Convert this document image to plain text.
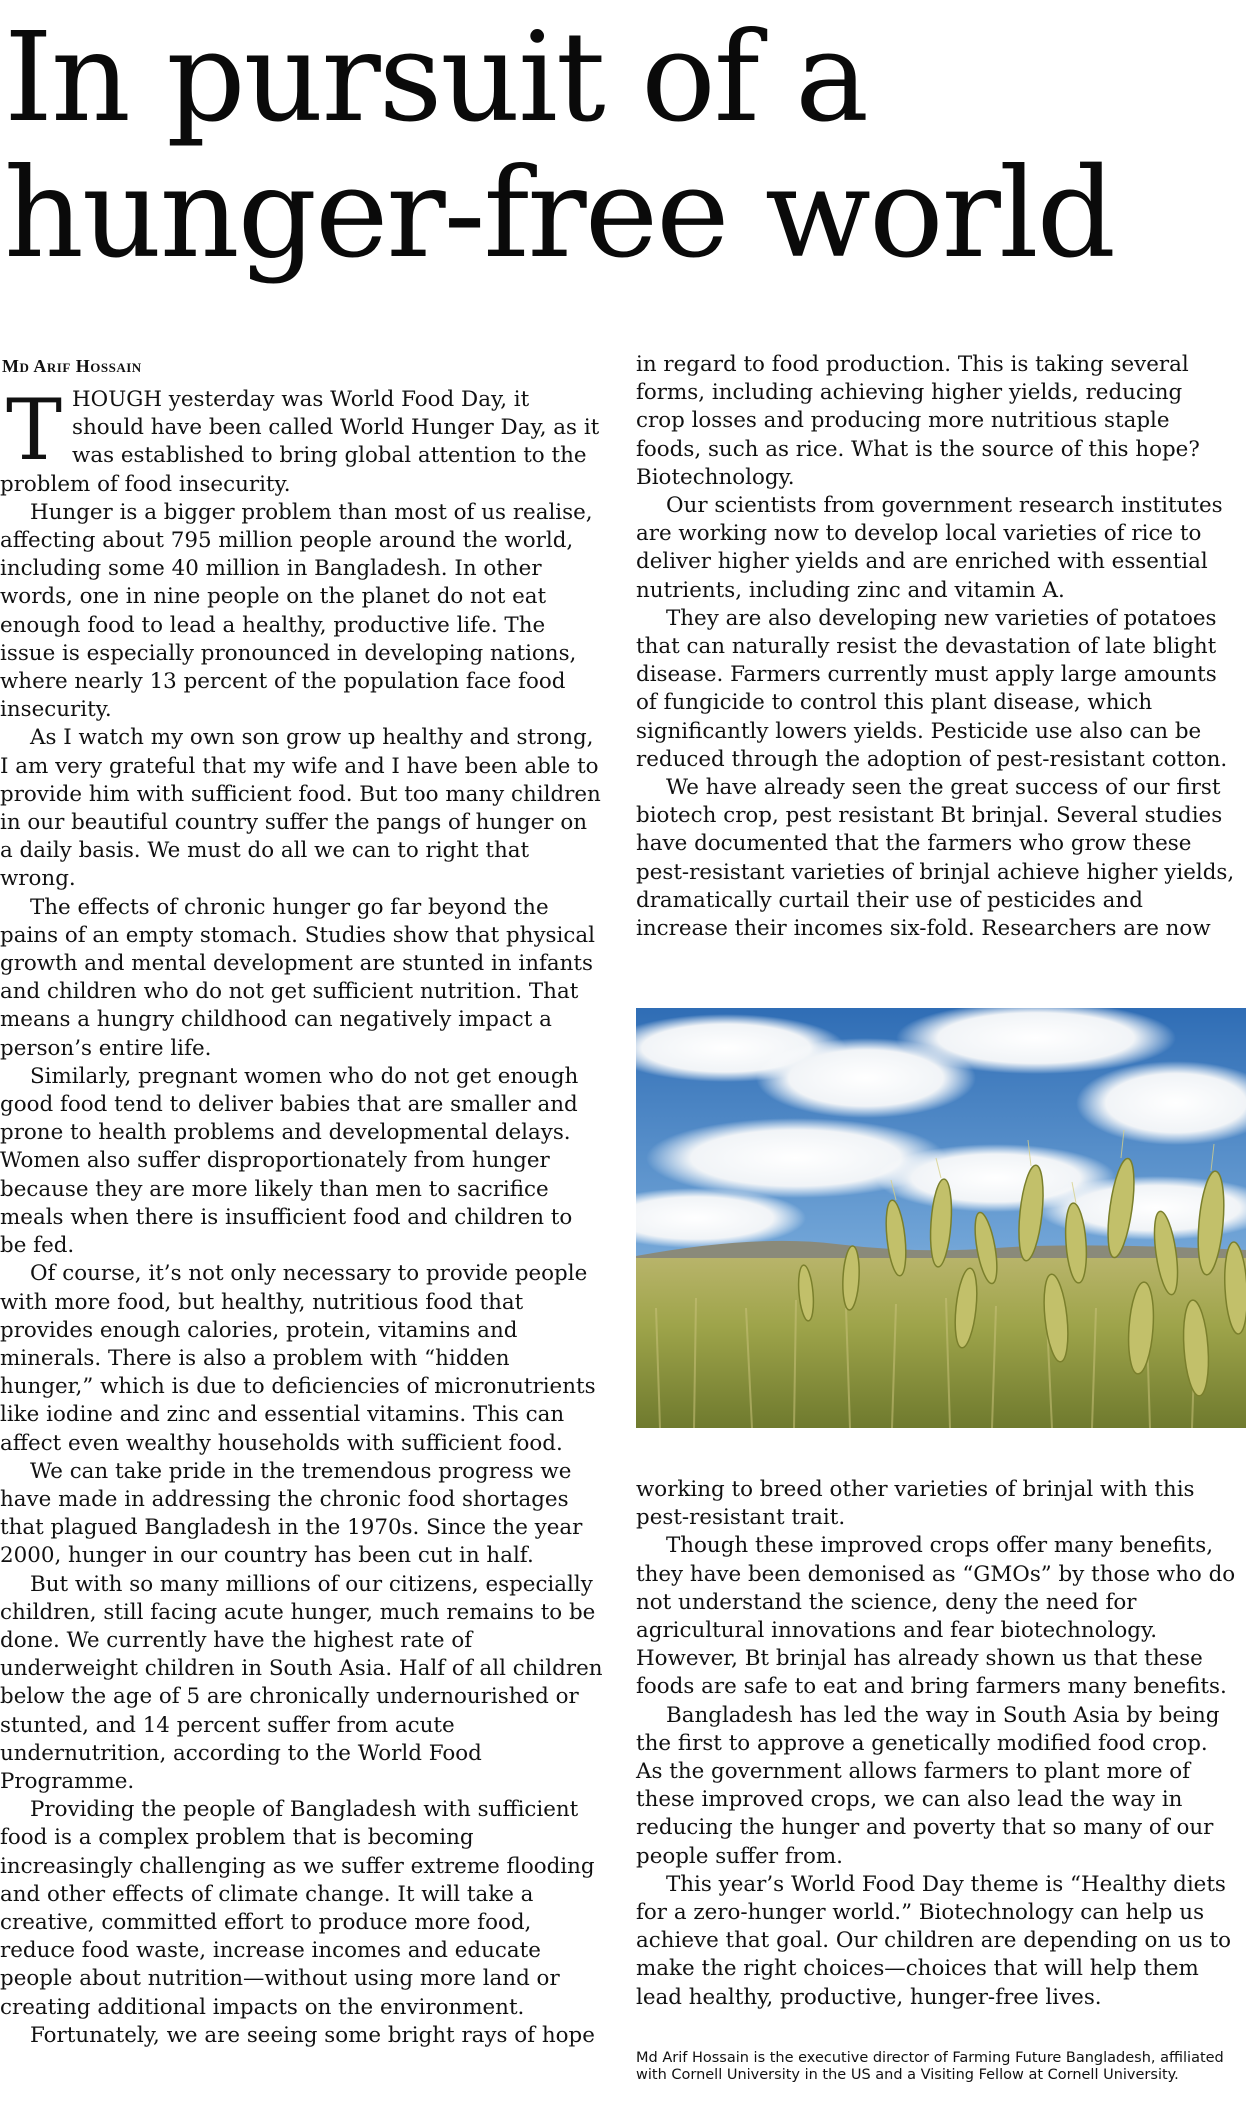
In pursuit of a hunger-free world
Md Arif Hossain

THOUGH yesterday was World Food Day, it should have been called World Hunger Day, as it was established to bring global attention to the problem of food insecurity.

Hunger is a bigger problem than most of us realise, affecting about 795 million people around the world, including some 40 million in Bangladesh. In other words, one in nine people on the planet do not eat enough food to lead a healthy, productive life. The issue is especially pronounced in developing nations, where nearly 13 percent of the population face food insecurity.

As I watch my own son grow up healthy and strong, I am very grateful that my wife and I have been able to provide him with sufficient food. But too many children in our beautiful country suffer the pangs of hunger on a daily basis. We must do all we can to right that wrong.

The effects of chronic hunger go far beyond the pains of an empty stomach. Studies show that physical growth and mental development are stunted in infants and children who do not get sufficient nutrition. That means a hungry childhood can negatively impact a person’s entire life.

Similarly, pregnant women who do not get enough good food tend to deliver babies that are smaller and prone to health problems and developmental delays. Women also suffer disproportionately from hunger because they are more likely than men to sacrifice meals when there is insufficient food and children to be fed.

Of course, it’s not only necessary to provide people with more food, but healthy, nutritious food that provides enough calories, protein, vitamins and minerals. There is also a problem with “hidden hunger,” which is due to deficiencies of micronutrients like iodine and zinc and essential vitamins. This can affect even wealthy households with sufficient food.

We can take pride in the tremendous progress we have made in addressing the chronic food shortages that plagued Bangladesh in the 1970s. Since the year 2000, hunger in our country has been cut in half.

But with so many millions of our citizens, especially children, still facing acute hunger, much remains to be done. We currently have the highest rate of underweight children in South Asia. Half of all children below the age of 5 are chronically undernourished or stunted, and 14 percent suffer from acute undernutrition, according to the World Food Programme.

Providing the people of Bangladesh with sufficient food is a complex problem that is becoming increasingly challenging as we suffer extreme flooding and other effects of climate change. It will take a creative, committed effort to produce more food, reduce food waste, increase incomes and educate people about nutrition—without using more land or creating additional impacts on the environment.

Fortunately, we are seeing some bright rays of hope

in regard to food production. This is taking several forms, including achieving higher yields, reducing crop losses and producing more nutritious staple foods, such as rice. What is the source of this hope? Biotechnology.

Our scientists from government research institutes are working now to develop local varieties of rice to deliver higher yields and are enriched with essential nutrients, including zinc and vitamin A.

They are also developing new varieties of potatoes that can naturally resist the devastation of late blight disease. Farmers currently must apply large amounts of fungicide to control this plant disease, which significantly lowers yields. Pesticide use also can be reduced through the adoption of pest-resistant cotton.

We have already seen the great success of our first biotech crop, pest resistant Bt brinjal. Several studies have documented that the farmers who grow these pest-resistant varieties of brinjal achieve higher yields, dramatically curtail their use of pesticides and increase their incomes six-fold. Researchers are now

working to breed other varieties of brinjal with this pest-resistant trait.

Though these improved crops offer many benefits, they have been demonised as “GMOs” by those who do not understand the science, deny the need for agricultural innovations and fear biotechnology. However, Bt brinjal has already shown us that these foods are safe to eat and bring farmers many benefits.

Bangladesh has led the way in South Asia by being the first to approve a genetically modified food crop. As the government allows farmers to plant more of these improved crops, we can also lead the way in reducing the hunger and poverty that so many of our people suffer from.

This year’s World Food Day theme is “Healthy diets for a zero-hunger world.” Biotechnology can help us achieve that goal. Our children are depending on us to make the right choices—choices that will help them lead healthy, productive, hunger-free lives.

Md Arif Hossain is the executive director of Farming Future Bangladesh, affiliated with Cornell University in the US and a Visiting Fellow at Cornell University.
